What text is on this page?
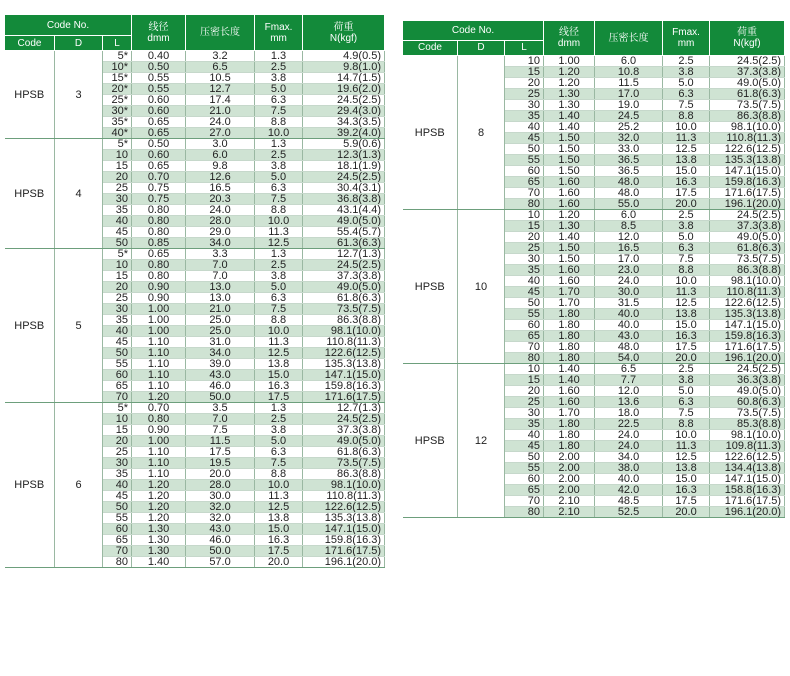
Code No.			线径
dmm	压密长度	Fmax.
mm	荷重
N(kgf)
Code	D	L				
HPSB	3	5*	0.40	3.2	1.3	4.9(0.5)
		10*	0.50	6.5	2.5	9.8(1.0)
		15*	0.55	10.5	3.8	14.7(1.5)
		20*	0.55	12.7	5.0	19.6(2.0)
		25*	0.60	17.4	6.3	24.5(2.5)
		30*	0.60	21.0	7.5	29.4(3.0)
		35*	0.65	24.0	8.8	34.3(3.5)
		40*	0.65	27.0	10.0	39.2(4.0)
HPSB	4	5*	0.50	3.0	1.3	5.9(0.6)
		10	0.60	6.0	2.5	12.3(1.3)
		15	0.65	9.8	3.8	18.1(1.9)
		20	0.70	12.6	5.0	24.5(2.5)
		25	0.75	16.5	6.3	30.4(3.1)
		30	0.75	20.3	7.5	36.8(3.8)
		35	0.80	24.0	8.8	43.1(4.4)
		40	0.80	28.0	10.0	49.0(5.0)
		45	0.80	29.0	11.3	55.4(5.7)
		50	0.85	34.0	12.5	61.3(6.3)
HPSB	5	5*	0.65	3.3	1.3	12.7(1.3)
		10	0.80	7.0	2.5	24.5(2.5)
		15	0.80	7.0	3.8	37.3(3.8)
		20	0.90	13.0	5.0	49.0(5.0)
		25	0.90	13.0	6.3	61.8(6.3)
		30	1.00	21.0	7.5	73.5(7.5)
		35	1.00	25.0	8.8	86.3(8.8)
		40	1.00	25.0	10.0	98.1(10.0)
		45	1.10	31.0	11.3	110.8(11.3)
		50	1.10	34.0	12.5	122.6(12.5)
		55	1.10	39.0	13.8	135.3(13.8)
		60	1.10	43.0	15.0	147.1(15.0)
		65	1.10	46.0	16.3	159.8(16.3)
		70	1.20	50.0	17.5	171.6(17.5)
HPSB	6	5*	0.70	3.5	1.3	12.7(1.3)
		10	0.80	7.0	2.5	24.5(2.5)
		15	0.90	7.5	3.8	37.3(3.8)
		20	1.00	11.5	5.0	49.0(5.0)
		25	1.10	17.5	6.3	61.8(6.3)
		30	1.10	19.5	7.5	73.5(7.5)
		35	1.10	20.0	8.8	86.3(8.8)
		40	1.20	28.0	10.0	98.1(10.0)
		45	1.20	30.0	11.3	110.8(11.3)
		50	1.20	32.0	12.5	122.6(12.5)
		55	1.20	32.0	13.8	135.3(13.8)
		60	1.30	43.0	15.0	147.1(15.0)
		65	1.30	46.0	16.3	159.8(16.3)
		70	1.30	50.0	17.5	171.6(17.5)
		80	1.40	57.0	20.0	196.1(20.0)
Code No.			线径
dmm	压密长度	Fmax.
mm	荷重
N(kgf)
Code	D	L				
HPSB	8	10	1.00	6.0	2.5	24.5(2.5)
		15	1.20	10.8	3.8	37.3(3.8)
		20	1.20	11.5	5.0	49.0(5.0)
		25	1.30	17.0	6.3	61.8(6.3)
		30	1.30	19.0	7.5	73.5(7.5)
		35	1.40	24.5	8.8	86.3(8.8)
		40	1.40	25.2	10.0	98.1(10.0)
		45	1.50	32.0	11.3	110.8(11.3)
		50	1.50	33.0	12.5	122.6(12.5)
		55	1.50	36.5	13.8	135.3(13.8)
		60	1.50	36.5	15.0	147.1(15.0)
		65	1.60	48.0	16.3	159.8(16.3)
		70	1.60	48.0	17.5	171.6(17.5)
		80	1.60	55.0	20.0	196.1(20.0)
HPSB	10	10	1.20	6.0	2.5	24.5(2.5)
		15	1.30	8.5	3.8	37.3(3.8)
		20	1.40	12.0	5.0	49.0(5.0)
		25	1.50	16.5	6.3	61.8(6.3)
		30	1.50	17.0	7.5	73.5(7.5)
		35	1.60	23.0	8.8	86.3(8.8)
		40	1.60	24.0	10.0	98.1(10.0)
		45	1.70	30.0	11.3	110.8(11.3)
		50	1.70	31.5	12.5	122.6(12.5)
		55	1.80	40.0	13.8	135.3(13.8)
		60	1.80	40.0	15.0	147.1(15.0)
		65	1.80	43.0	16.3	159.8(16.3)
		70	1.80	48.0	17.5	171.6(17.5)
		80	1.80	54.0	20.0	196.1(20.0)
HPSB	12	10	1.40	6.5	2.5	24.5(2.5)
		15	1.40	7.7	3.8	36.3(3.8)
		20	1.60	12.0	5.0	49.0(5.0)
		25	1.60	13.6	6.3	60.8(6.3)
		30	1.70	18.0	7.5	73.5(7.5)
		35	1.80	22.5	8.8	85.3(8.8)
		40	1.80	24.0	10.0	98.1(10.0)
		45	1.80	24.0	11.3	109.8(11.3)
		50	2.00	34.0	12.5	122.6(12.5)
		55	2.00	38.0	13.8	134.4(13.8)
		60	2.00	40.0	15.0	147.1(15.0)
		65	2.00	42.0	16.3	158.8(16.3)
		70	2.10	48.5	17.5	171.6(17.5)
		80	2.10	52.5	20.0	196.1(20.0)
